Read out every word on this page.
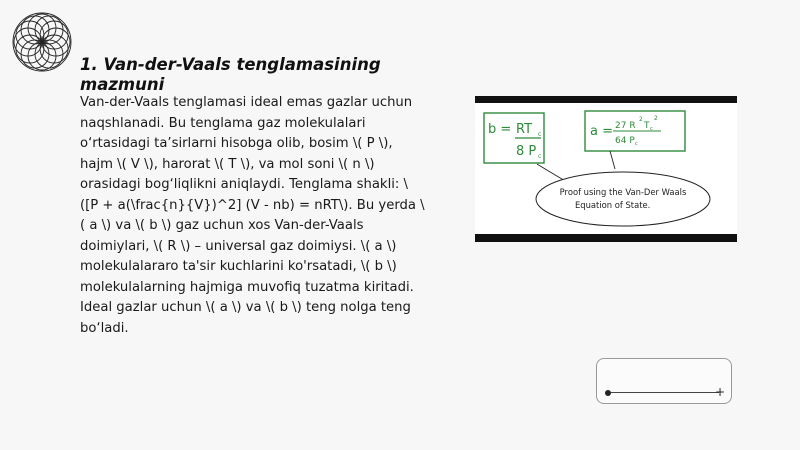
1. Van-der-Vaals tenglamasining mazmuni
Van-der-Vaals tenglamasi ideal emas gazlar uchun naqshlanadi. Bu tenglama gaz molekulalari o‘rtasidagi ta’sirlarni hisobga olib, bosim \( P \), hajm \( V \), harorat \( T \), va mol soni \( n \) orasidagi bog‘liqlikni aniqlaydi. Tenglama shakli: \([P + a(\frac{n}{V})^2] (V - nb) = nRT\). Bu yerda \( a \) va \( b \) gaz uchun xos Van-der-Vaals doimiylari, \( R \) – universal gaz doimiysi. \( a \) molekulalararo ta'sir kuchlarini ko'rsatadi, \( b \) molekulalarning hajmiga muvofiq tuzatma kiritadi. Ideal gazlar uchun \( a \) va \( b \) teng nolga teng bo‘ladi.
b = RT c
8 P c
a = 27 R
2
T c
2
64 P c
Proof using the Van-Der Waals
Equation of State.
+
